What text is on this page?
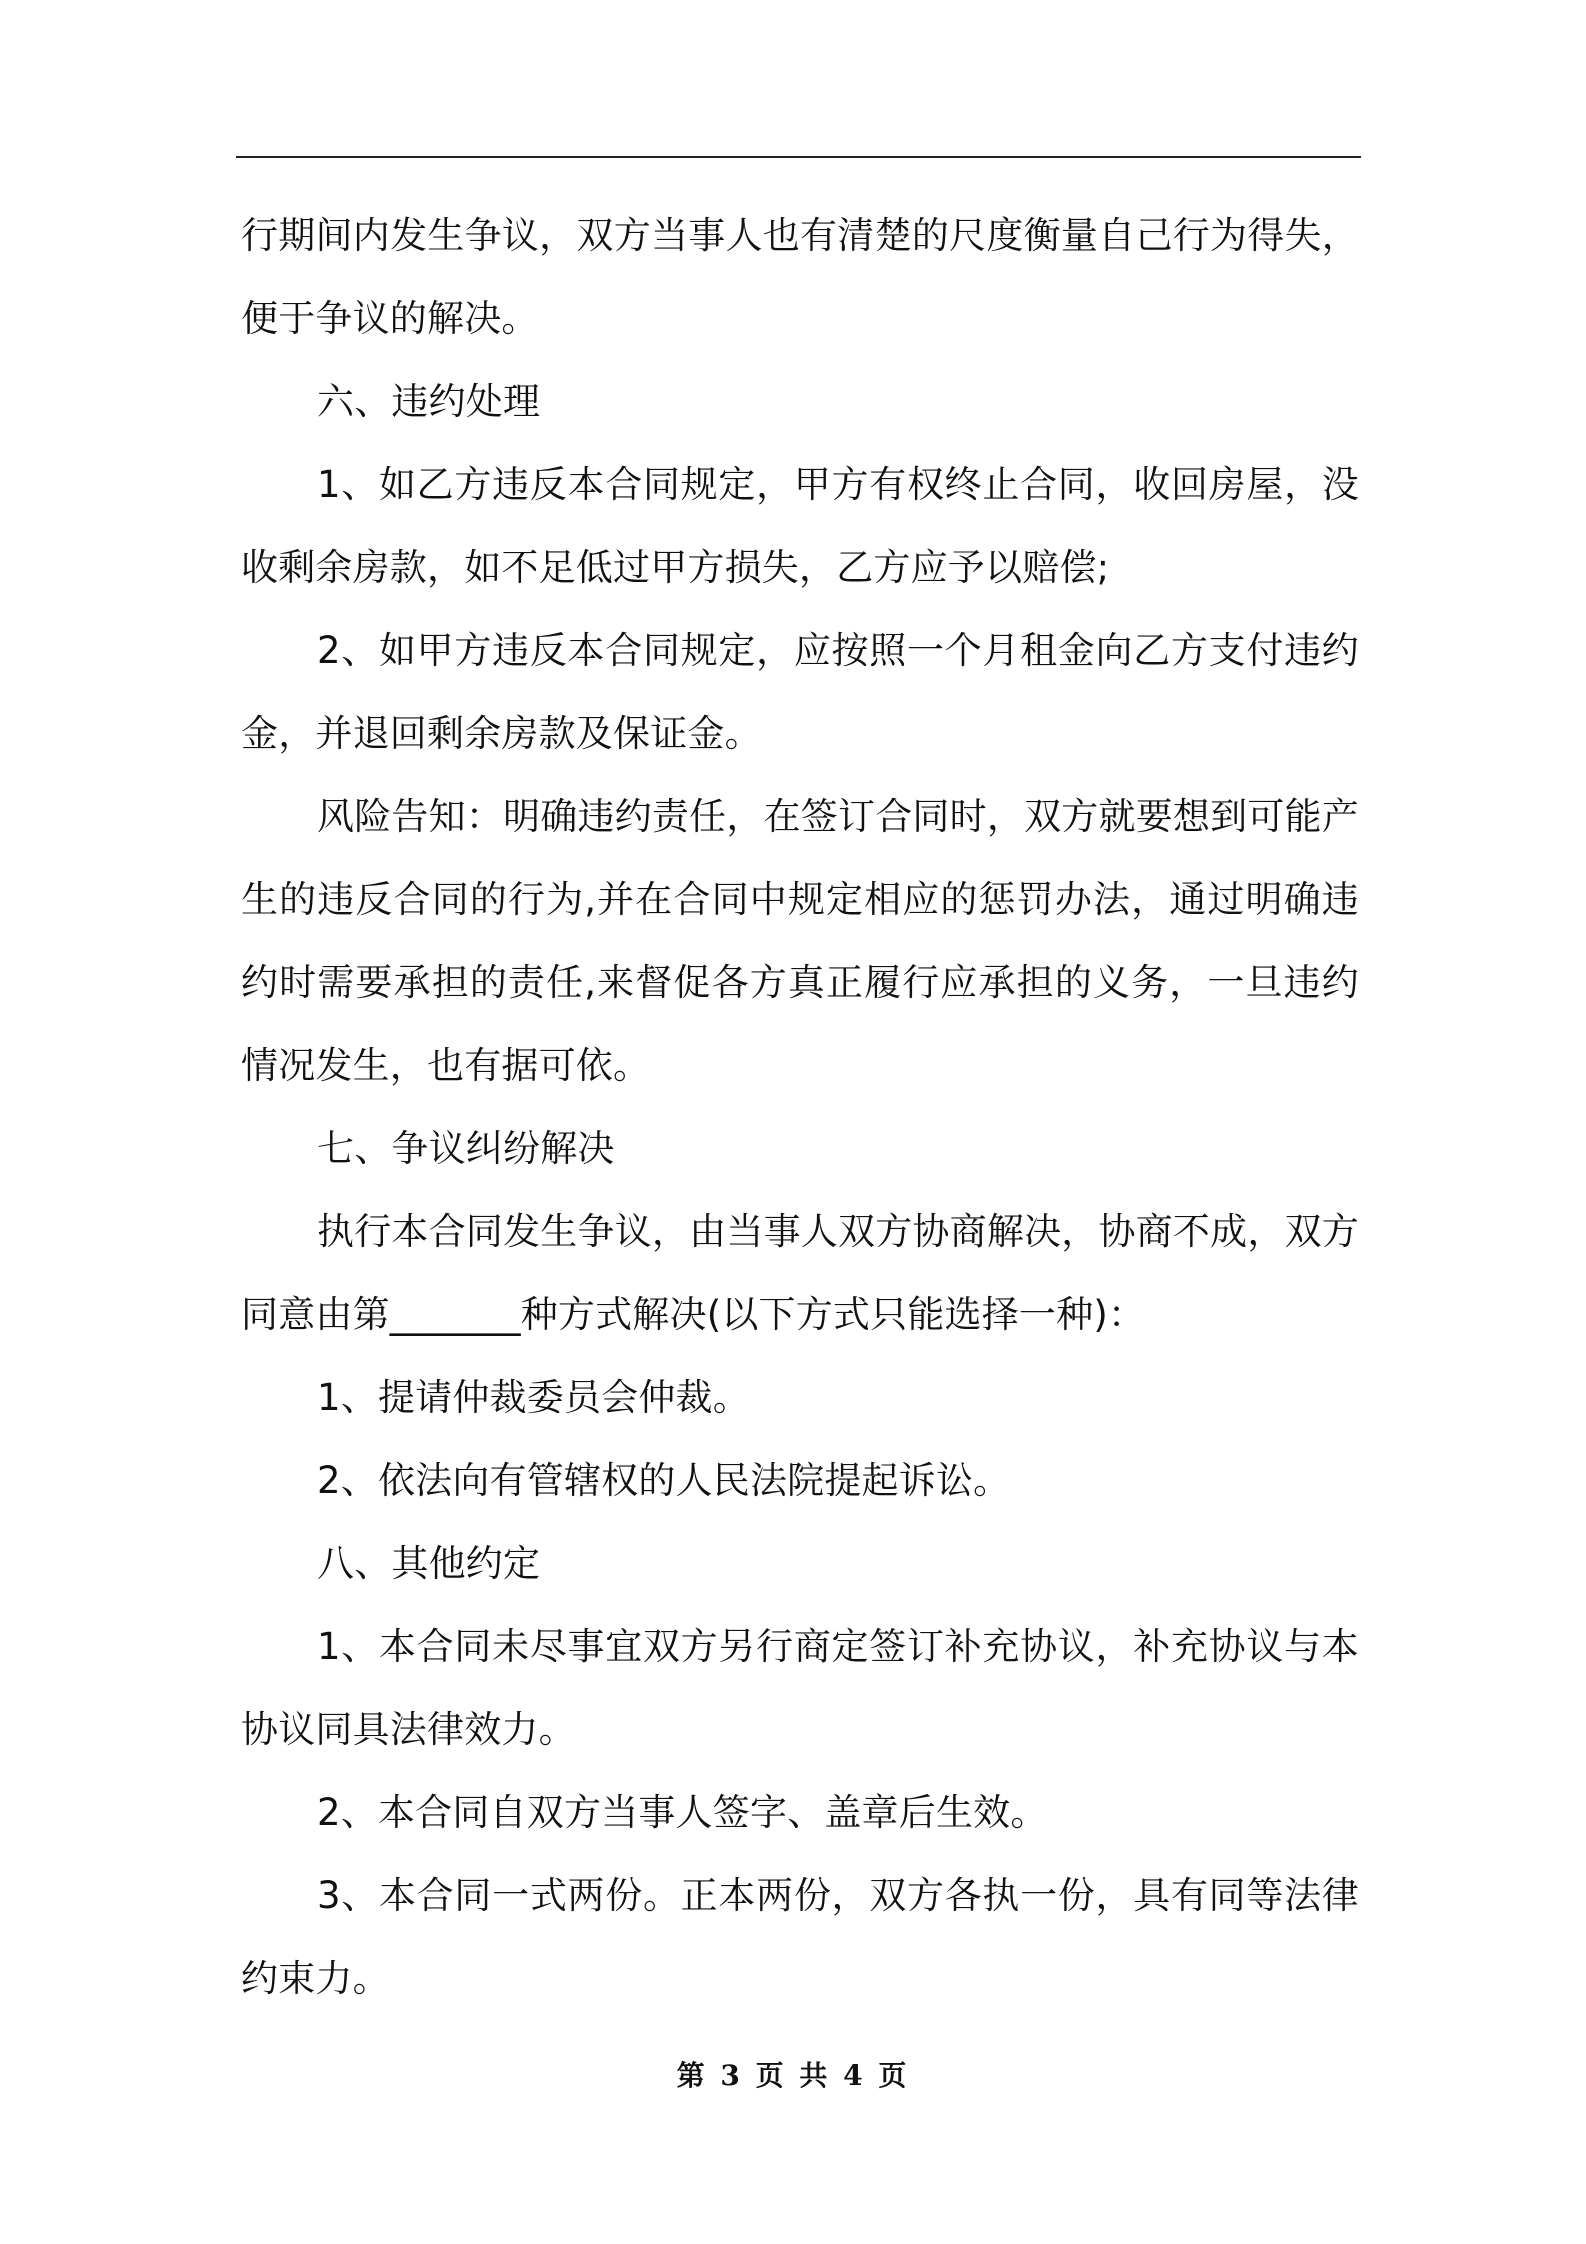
行期间内发生争议，双方当事人也有清楚的尺度衡量自己行为得失，便于争议的解决。

六、违约处理

1、如乙方违反本合同规定，甲方有权终止合同，收回房屋，没收剩余房款，如不足低过甲方损失，乙方应予以赔偿;

2、如甲方违反本合同规定，应按照一个月租金向乙方支付违约金，并退回剩余房款及保证金。

风险告知：明确违约责任，在签订合同时，双方就要想到可能产生的违反合同的行为,并在合同中规定相应的惩罚办法，通过明确违约时需要承担的责任,来督促各方真正履行应承担的义务，一旦违约情况发生，也有据可依。

七、争议纠纷解决

执行本合同发生争议，由当事人双方协商解决，协商不成，双方同意由第_______种方式解决(以下方式只能选择一种)：

1、提请仲裁委员会仲裁。

2、依法向有管辖权的人民法院提起诉讼。

八、其他约定

1、本合同未尽事宜双方另行商定签订补充协议，补充协议与本协议同具法律效力。

2、本合同自双方当事人签字、盖章后生效。

3、本合同一式两份。正本两份，双方各执一份，具有同等法律约束力。

第 3 页 共 4 页
